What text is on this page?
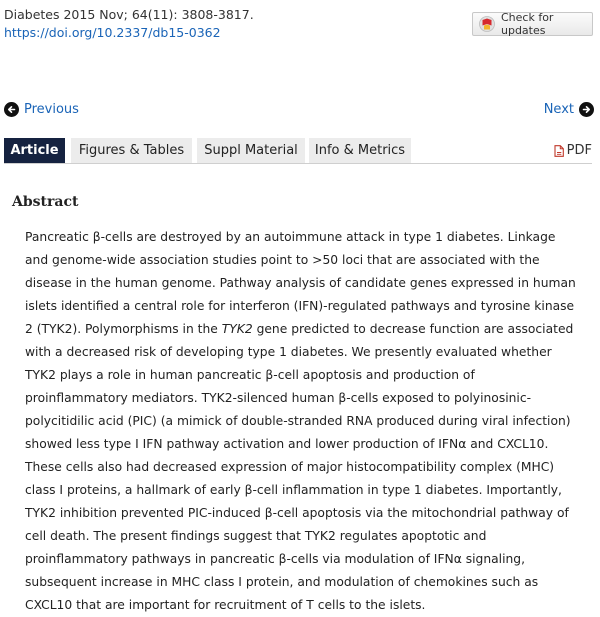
Diabetes 2015 Nov; 64(11): 3808-3817.
https://doi.org/10.2337/db15-0362
Check for updates
Previous	Next
Article	Figures & Tables	Suppl Material	Info & Metrics	PDF
Abstract

Pancreatic β-cells are destroyed by an autoimmune attack in type 1 diabetes. Linkage and genome-wide association studies point to >50 loci that are associated with the disease in the human genome. Pathway analysis of candidate genes expressed in human islets identified a central role for interferon (IFN)-regulated pathways and tyrosine kinase 2 (TYK2). Polymorphisms in the TYK2 gene predicted to decrease function are associated with a decreased risk of developing type 1 diabetes. We presently evaluated whether TYK2 plays a role in human pancreatic β-cell apoptosis and production of proinflammatory mediators. TYK2-silenced human β-cells exposed to polyinosinic-polycitidilic acid (PIC) (a mimick of double-stranded RNA produced during viral infection) showed less type I IFN pathway activation and lower production of IFNα and CXCL10. These cells also had decreased expression of major histocompatibility complex (MHC) class I proteins, a hallmark of early β-cell inflammation in type 1 diabetes. Importantly, TYK2 inhibition prevented PIC-induced β-cell apoptosis via the mitochondrial pathway of cell death. The present findings suggest that TYK2 regulates apoptotic and proinflammatory pathways in pancreatic β-cells via modulation of IFNα signaling, subsequent increase in MHC class I protein, and modulation of chemokines such as CXCL10 that are important for recruitment of T cells to the islets.
